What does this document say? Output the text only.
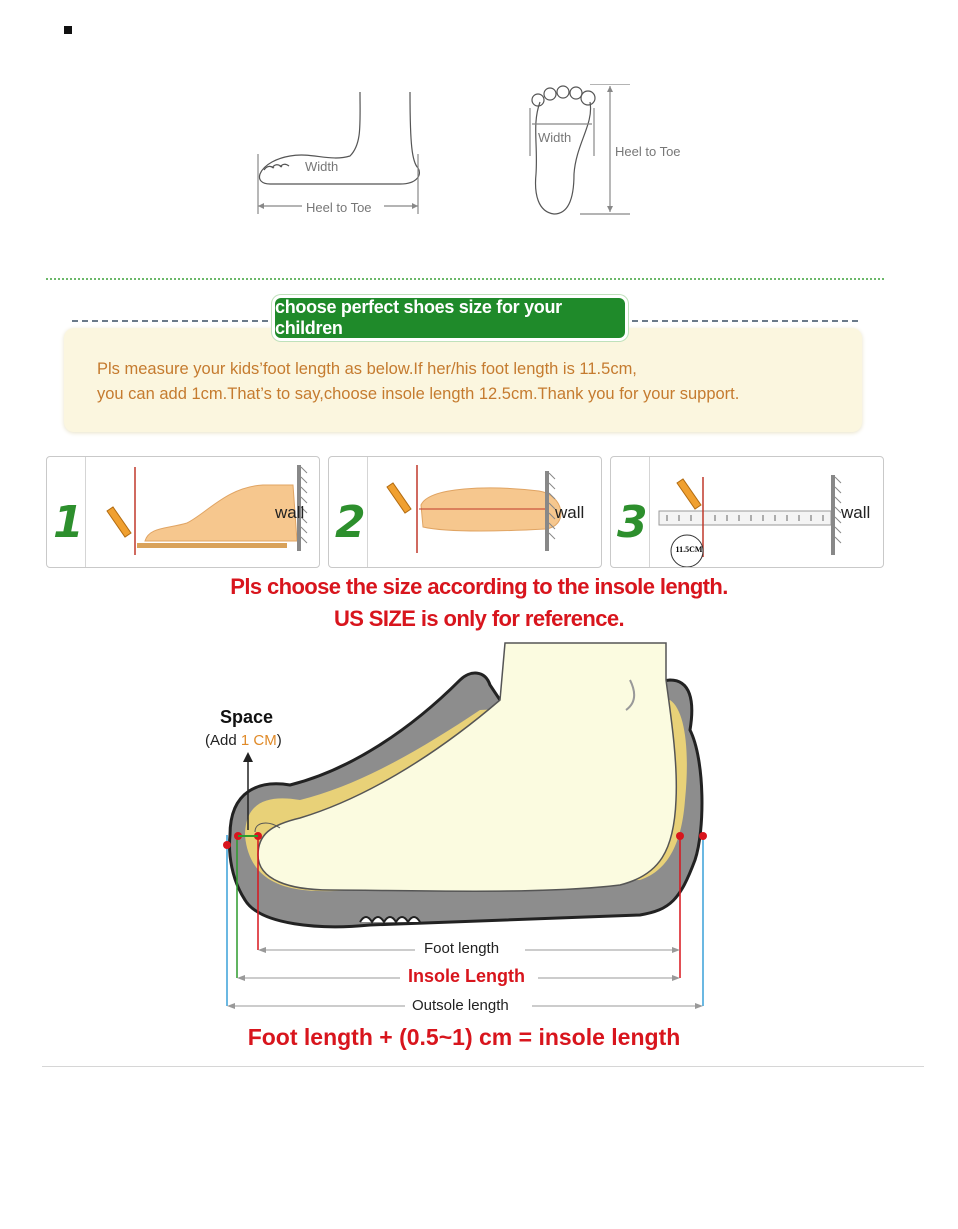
Width
Heel to Toe
Width
Heel to Toe
choose perfect shoes size for your children
Pls measure your kids’foot length as below.If her/his foot length is 11.5cm,
you can add 1cm.That’s to say,choose insole length 12.5cm.Thank you for your support.
1	wall 2	wall 3
11.5CM
wall
Pls choose the size according to the insole length.
US SIZE is only for reference.
Space
(Add 1 CM)
Foot length
Insole Length
Outsole length
Foot length + (0.5~1) cm = insole length
